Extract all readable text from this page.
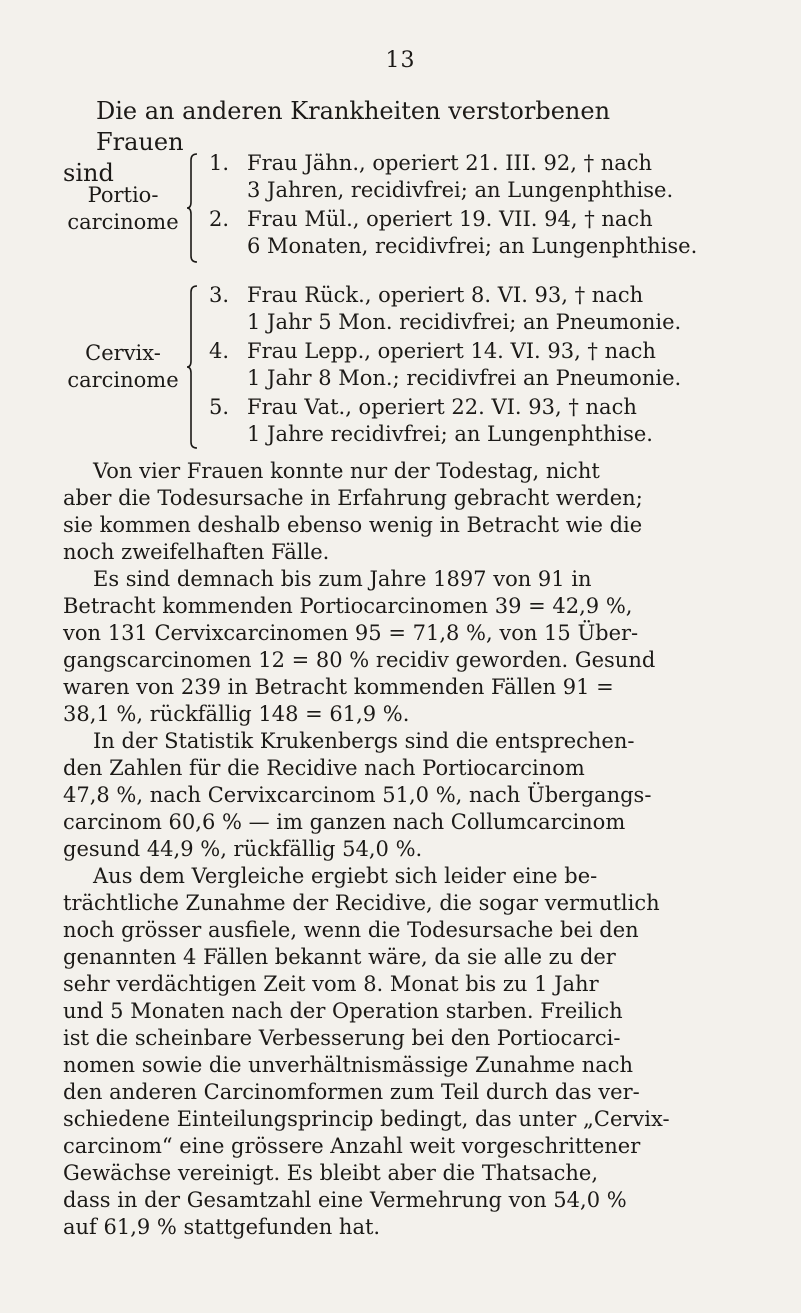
13
Die an anderen Krankheiten verstorbenen Frauen
sind
Portio-
carcinome
1. Frau Jähn., operiert 21. III. 92, † nach
3 Jahren, recidivfrei; an Lungenphthise.
2. Frau Mül., operiert 19. VII. 94, † nach
6 Monaten, recidivfrei; an Lungenphthise.
Cervix-
carcinome
3. Frau Rück., operiert 8. VI. 93, † nach
1 Jahr 5 Mon. recidivfrei; an Pneumonie.
4. Frau Lepp., operiert 14. VI. 93, † nach
1 Jahr 8 Mon.; recidivfrei an Pneumonie.
5. Frau Vat., operiert 22. VI. 93, † nach
1 Jahre recidivfrei; an Lungenphthise.
Von vier Frauen konnte nur der Todestag, nicht
aber die Todesursache in Erfahrung gebracht werden;
sie kommen deshalb ebenso wenig in Betracht wie die
noch zweifelhaften Fälle.
Es sind demnach bis zum Jahre 1897 von 91 in
Betracht kommenden Portiocarcinomen 39 = 42,9 %,
von 131 Cervixcarcinomen 95 = 71,8 %, von 15 Über-
gangscarcinomen 12 = 80 % recidiv geworden. Gesund
waren von 239 in Betracht kommenden Fällen 91 =
38,1 %, rückfällig 148 = 61,9 %.
In der Statistik Krukenbergs sind die entsprechen-
den Zahlen für die Recidive nach Portiocarcinom
47,8 %, nach Cervixcarcinom 51,0 %, nach Übergangs-
carcinom 60,6 % — im ganzen nach Collumcarcinom
gesund 44,9 %, rückfällig 54,0 %.
Aus dem Vergleiche ergiebt sich leider eine be-
trächtliche Zunahme der Recidive, die sogar vermutlich
noch grösser ausfiele, wenn die Todesursache bei den
genannten 4 Fällen bekannt wäre, da sie alle zu der
sehr verdächtigen Zeit vom 8. Monat bis zu 1 Jahr
und 5 Monaten nach der Operation starben. Freilich
ist die scheinbare Verbesserung bei den Portiocarci-
nomen sowie die unverhältnismässige Zunahme nach
den anderen Carcinomformen zum Teil durch das ver-
schiedene Einteilungsprincip bedingt, das unter „Cervix-
carcinom“ eine grössere Anzahl weit vorgeschrittener
Gewächse vereinigt. Es bleibt aber die Thatsache,
dass in der Gesamtzahl eine Vermehrung von 54,0 %
auf 61,9 % stattgefunden hat.
